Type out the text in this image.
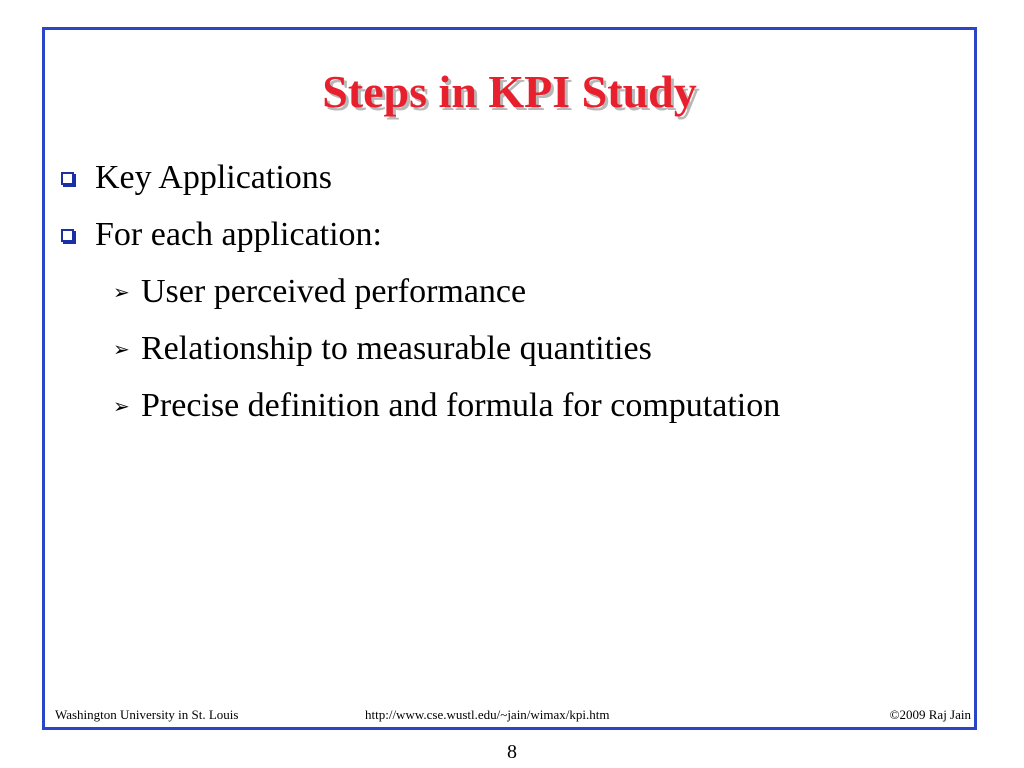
Steps in KPI Study
Key Applications
For each application:
➢ User perceived performance
➢ Relationship to measurable quantities
➢ Precise definition and formula for computation
Washington University in St. Louis	http://www.cse.wustl.edu/~jain/wimax/kpi.htm	©2009 Raj Jain
8
